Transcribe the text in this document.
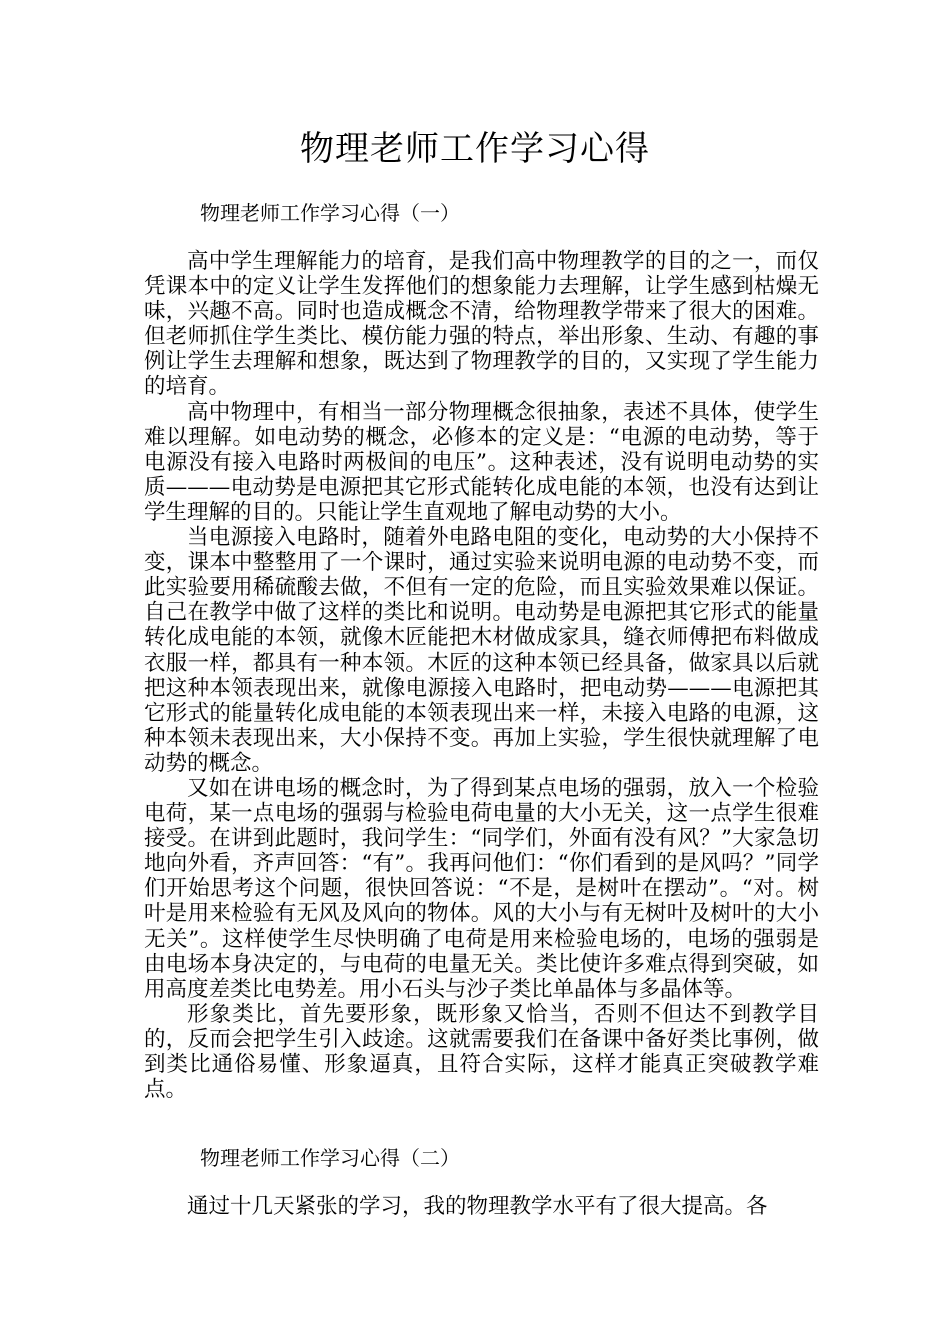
物理老师工作学习心得

物理老师工作学习心得（一）

高中学生理解能力的培育，是我们高中物理教学的目的之一，而仅凭课本中的定义让学生发挥他们的想象能力去理解，让学生感到枯燥无味，兴趣不高。同时也造成概念不清，给物理教学带来了很大的困难。但老师抓住学生类比、模仿能力强的特点，举出形象、生动、有趣的事例让学生去理解和想象，既达到了物理教学的目的，又实现了学生能力的培育。

高中物理中，有相当一部分物理概念很抽象，表述不具体，使学生难以理解。如电动势的概念，必修本的定义是：“电源的电动势，等于电源没有接入电路时两极间的电压”。这种表述，没有说明电动势的实质———电动势是电源把其它形式能转化成电能的本领，也没有达到让学生理解的目的。只能让学生直观地了解电动势的大小。

当电源接入电路时，随着外电路电阻的变化，电动势的大小保持不变，课本中整整用了一个课时，通过实验来说明电源的电动势不变，而此实验要用稀硫酸去做，不但有一定的危险，而且实验效果难以保证。自己在教学中做了这样的类比和说明。电动势是电源把其它形式的能量转化成电能的本领，就像木匠能把木材做成家具，缝衣师傅把布料做成衣服一样，都具有一种本领。木匠的这种本领已经具备，做家具以后就把这种本领表现出来，就像电源接入电路时，把电动势———电源把其它形式的能量转化成电能的本领表现出来一样，未接入电路的电源，这种本领未表现出来，大小保持不变。再加上实验，学生很快就理解了电动势的概念。

又如在讲电场的概念时，为了得到某点电场的强弱，放入一个检验电荷，某一点电场的强弱与检验电荷电量的大小无关，这一点学生很难接受。在讲到此题时，我问学生：“同学们，外面有没有风？”大家急切地向外看，齐声回答：“有”。我再问他们：“你们看到的是风吗？”同学们开始思考这个问题，很快回答说：“不是，是树叶在摆动”。“对。树叶是用来检验有无风及风向的物体。风的大小与有无树叶及树叶的大小无关”。这样使学生尽快明确了电荷是用来检验电场的，电场的强弱是由电场本身决定的，与电荷的电量无关。类比使许多难点得到突破，如用高度差类比电势差。用小石头与沙子类比单晶体与多晶体等。

形象类比，首先要形象，既形象又恰当，否则不但达不到教学目的，反而会把学生引入歧途。这就需要我们在备课中备好类比事例，做到类比通俗易懂、形象逼真，且符合实际，这样才能真正突破教学难点。

物理老师工作学习心得（二）

通过十几天紧张的学习，我的物理教学水平有了很大提高。各
